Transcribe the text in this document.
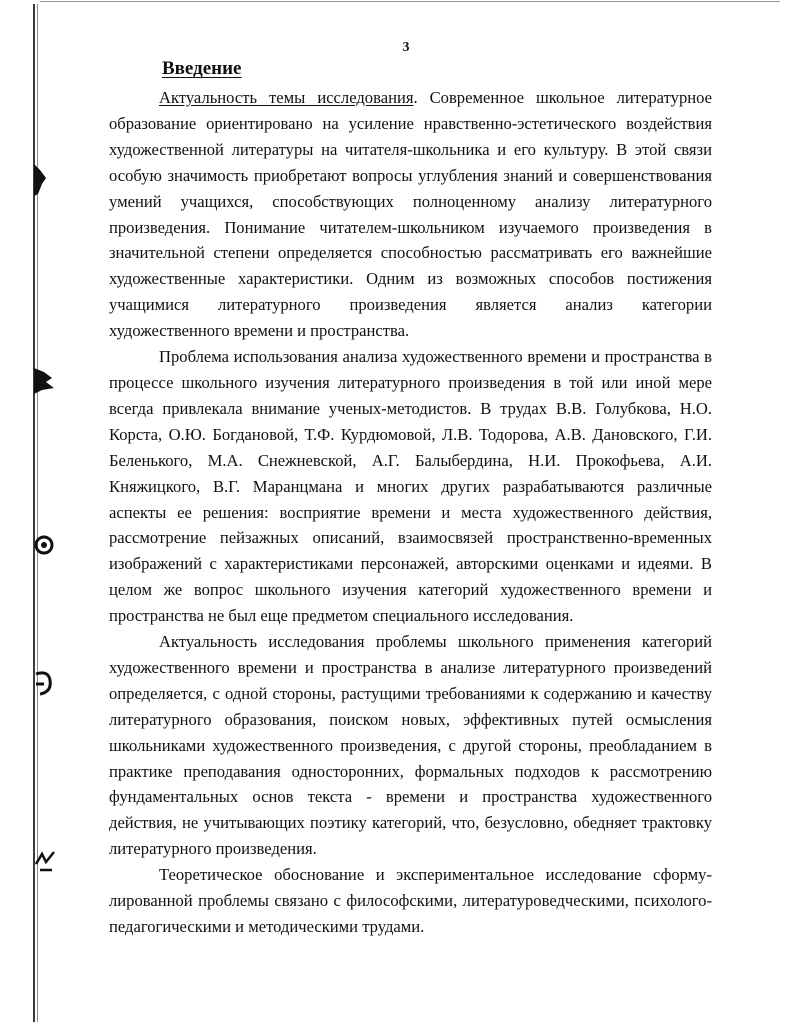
3
Введение

Актуальность темы исследования. Современное школьное литературное образование ориентировано на усиление нравственно-эстетического воздействия художественной литературы на читателя-школьника и его культуру. В этой связи особую значимость приобретают вопросы углубления знаний и совершенствования умений учащихся, способствующих полноценному анализу литературного произведения. Понимание читателем-школьником изучаемого произведения в значительной степени определяется способностью рассматривать его важнейшие художественные характеристики. Одним из возможных способов постижения учащимися литературного произведения является анализ категории художественного времени и пространства.

Проблема использования анализа художественного времени и пространства в процессе школьного изучения литературного произведения в той или иной мере всегда привлекала внимание ученых-методистов. В трудах В.В. Голубкова, Н.О. Корста, О.Ю. Богдановой, Т.Ф. Курдюмовой, Л.В. Тодорова, А.В. Дановского, Г.И. Беленького, М.А. Снежневской, А.Г. Балыбердина, Н.И. Прокофьева, А.И. Княжицкого, В.Г. Маранцмана и многих других разрабатываются различные аспекты ее решения: восприятие времени и места художественного действия, рассмотрение пейзажных описаний, взаимосвязей пространственно-временных изображений с характеристиками персонажей, авторскими оценками и идеями. В целом же вопрос школьного изучения категорий художественного времени и пространства не был еще предметом специального исследования.

Актуальность исследования проблемы школьного применения категорий художественного времени и пространства в анализе литературного произведений определяется, с одной стороны, растущими требованиями к содержанию и качеству литературного образования, поиском новых, эффективных путей осмысления школьниками художественного произведения, с другой стороны, преобладанием в практике преподавания односторонних, формальных подходов к рассмотрению фундаментальных основ текста - времени и пространства художественного действия, не учитывающих поэтику категорий, что, безусловно, обедняет трактовку литературного произведения.

Теоретическое обоснование и экспериментальное исследование сформулированной проблемы связано с философскими, литературоведческими, психолого-педагогическими и методическими трудами.
